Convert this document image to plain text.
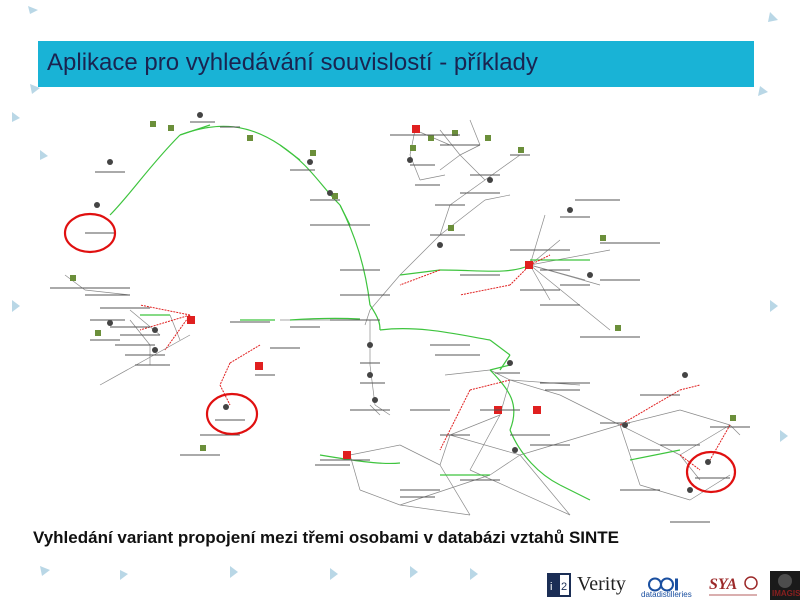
Aplikace pro vyhledávání souvislostí - příklady
Vyhledání variant propojení mezi třemi osobami v databázi vztahů SINTE
i 2 Verity datadistilleries
SYA
IMAGIS
